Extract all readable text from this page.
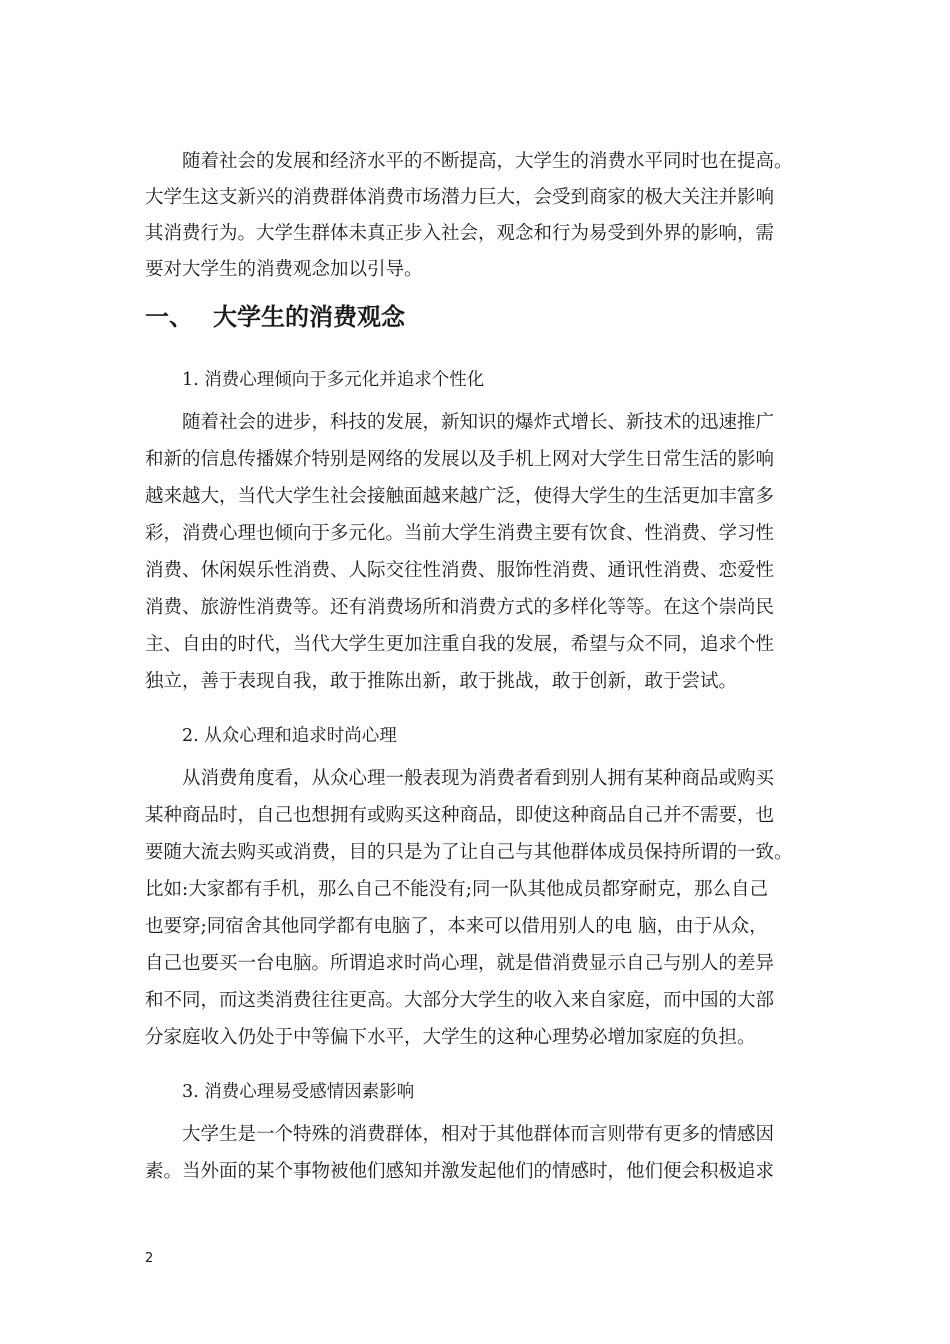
随着社会的发展和经济水平的不断提高，大学生的消费水平同时也在提高。
大学生这支新兴的消费群体消费市场潜力巨大，会受到商家的极大关注并影响
其消费行为。大学生群体未真正步入社会，观念和行为易受到外界的影响，需
要对大学生的消费观念加以引导。
一、 大学生的消费观念
1. 消费心理倾向于多元化并追求个性化
随着社会的进步，科技的发展，新知识的爆炸式增长、新技术的迅速推广
和新的信息传播媒介特别是网络的发展以及手机上网对大学生日常生活的影响
越来越大，当代大学生社会接触面越来越广泛，使得大学生的生活更加丰富多
彩，消费心理也倾向于多元化。当前大学生消费主要有饮食、性消费、学习性
消费、休闲娱乐性消费、人际交往性消费、服饰性消费、通讯性消费、恋爱性
消费、旅游性消费等。还有消费场所和消费方式的多样化等等。在这个崇尚民
主、自由的时代，当代大学生更加注重自我的发展，希望与众不同，追求个性
独立，善于表现自我，敢于推陈出新，敢于挑战，敢于创新，敢于尝试。
2. 从众心理和追求时尚心理
从消费角度看，从众心理一般表现为消费者看到别人拥有某种商品或购买
某种商品时，自己也想拥有或购买这种商品，即使这种商品自己并不需要，也
要随大流去购买或消费，目的只是为了让自己与其他群体成员保持所谓的一致。
比如:大家都有手机，那么自己不能没有;同一队其他成员都穿耐克，那么自己
也要穿;同宿舍其他同学都有电脑了，本来可以借用别人的电 脑，由于从众，
自己也要买一台电脑。所谓追求时尚心理，就是借消费显示自己与别人的差异
和不同，而这类消费往往更高。大部分大学生的收入来自家庭，而中国的大部
分家庭收入仍处于中等偏下水平，大学生的这种心理势必增加家庭的负担。
3. 消费心理易受感情因素影响
大学生是一个特殊的消费群体，相对于其他群体而言则带有更多的情感因
素。当外面的某个事物被他们感知并激发起他们的情感时，他们便会积极追求
2
